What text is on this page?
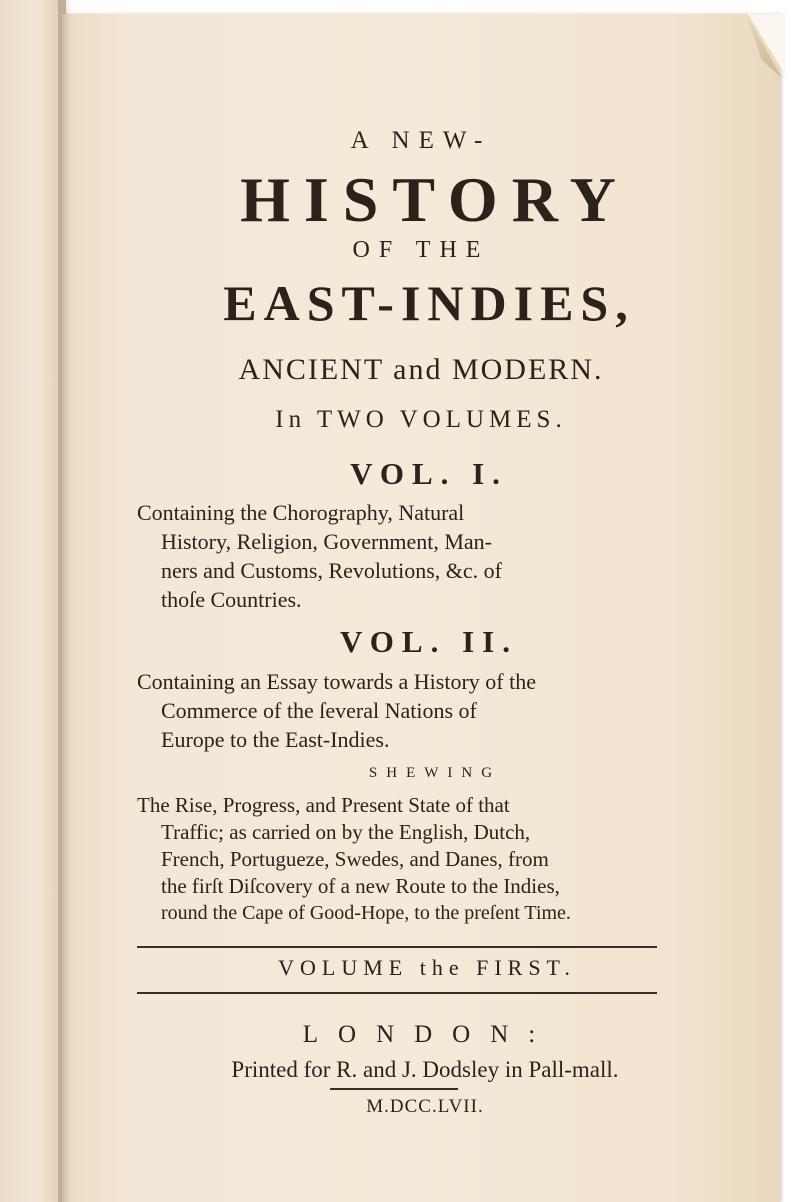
A NEW-
HISTORY
OF THE
EAST-INDIES,
ANCIENT and MODERN.
In TWO VOLUMES.
VOL. I.
Containing the Chorography, Natural
History, Religion, Government, Man-
ners and Customs, Revolutions, &c. of
thoſe Countries.
VOL. II.
Containing an Essay towards a History of the
Commerce of the ſeveral Nations of
Europe to the East-Indies.
SHEWING
The Rise, Progress, and Present State of that
Traffic; as carried on by the English, Dutch,
French, Portugueze, Swedes, and Danes, from
the firſt Diſcovery of a new Route to the Indies,
round the Cape of Good-Hope, to the preſent Time.
VOLUME the FIRST.
LONDON:
Printed for R. and J. Dodsley in Pall-mall.
M.DCC.LVII.
